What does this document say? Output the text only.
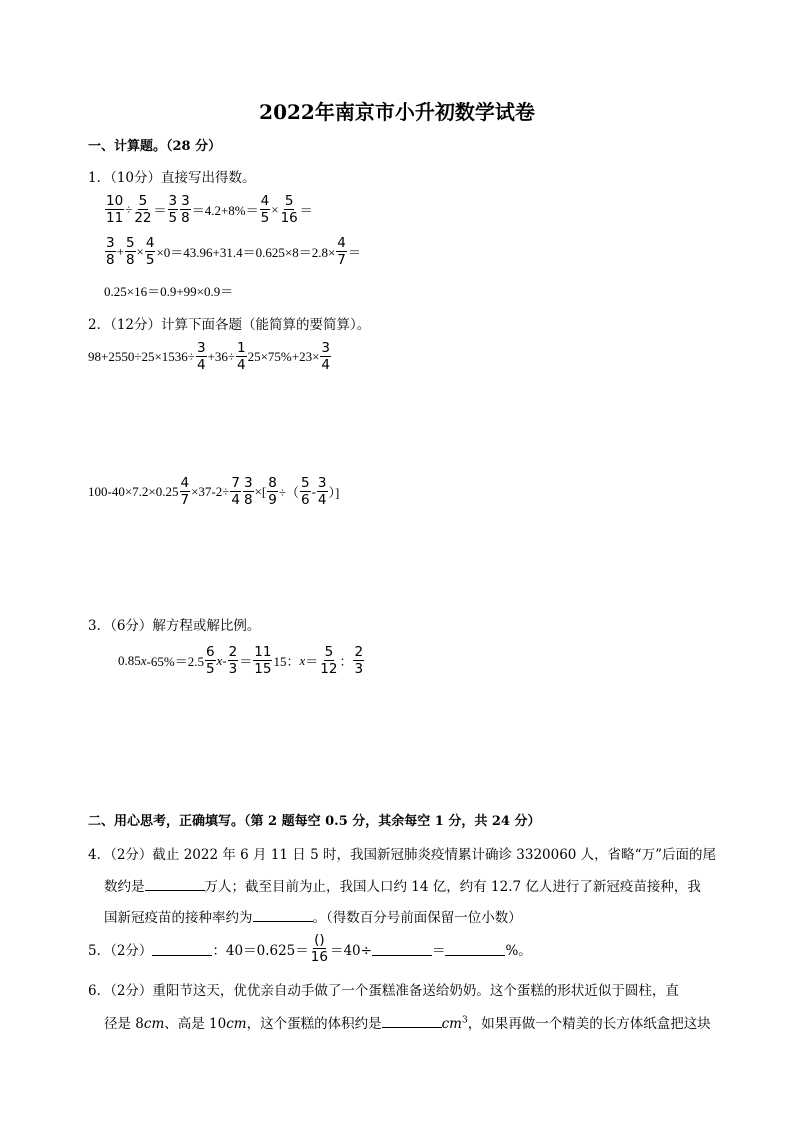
2022年南京市小升初数学试卷
一、计算题。（28 分）
1．（10分）直接写出得数。
$\frac{10}{11} \div \frac{5}{22}$ ＝
3
5
3
$8 =4.2+8\%= \frac{4}{5} \times \frac{5}{16}$ ＝
3
8
+ $\frac{5}{8} \times \frac{4}{5} \times 0=43.96+31.4=0.625\times 8=2.8\times \frac{4}{7}$ ＝
0.25×16＝0.9+99×0.9＝
2．（12分）计算下面各题（能简算的要简算）。
$98+2550\div 25\times 1536\div \frac{3}{4} +36\div \frac{1}{4} 25\times 75\%+23\times \frac{3}{4}$
$100-40\times 7.2\times 0.25 \frac{4}{7} \times 37-2\div \frac{7}{4} \frac{3}{8}$ ×[ $\frac{8}{9}$ ÷（
5
6
- 3
4 ）]
3．（6分）解方程或解比例。
0.85 x -65%＝2.5
6
5
x - 2
3 ＝
11
15 15： x ＝
5
12 ：
2
3
二、用心思考，正确填写。（第 2 题每空 0.5 分，其余每空 1 分，共 24 分）
4．（2分）截止 2022 年 6 月 11 日 5 时，我国新冠肺炎疫情累计确诊 3320060 人，省略“万”后面的尾
数约是	万人；截至目前为止，我国人口约 14 亿，约有 12.7 亿人进行了新冠疫苗接种，我
国新冠疫苗的接种率约为	。（得数百分号前面保留一位小数）
5．（2分）	：40＝0.625＝
()
16 ＝40÷	＝	%。
6．（2分）重阳节这天，优优亲自动手做了一个蛋糕准备送给奶奶。这个蛋糕的形状近似于圆柱，直
径是 8cm、高是 10cm，这个蛋糕的体积约是	$cm^3$，如果再做一个精美的长方体纸盒把这块
